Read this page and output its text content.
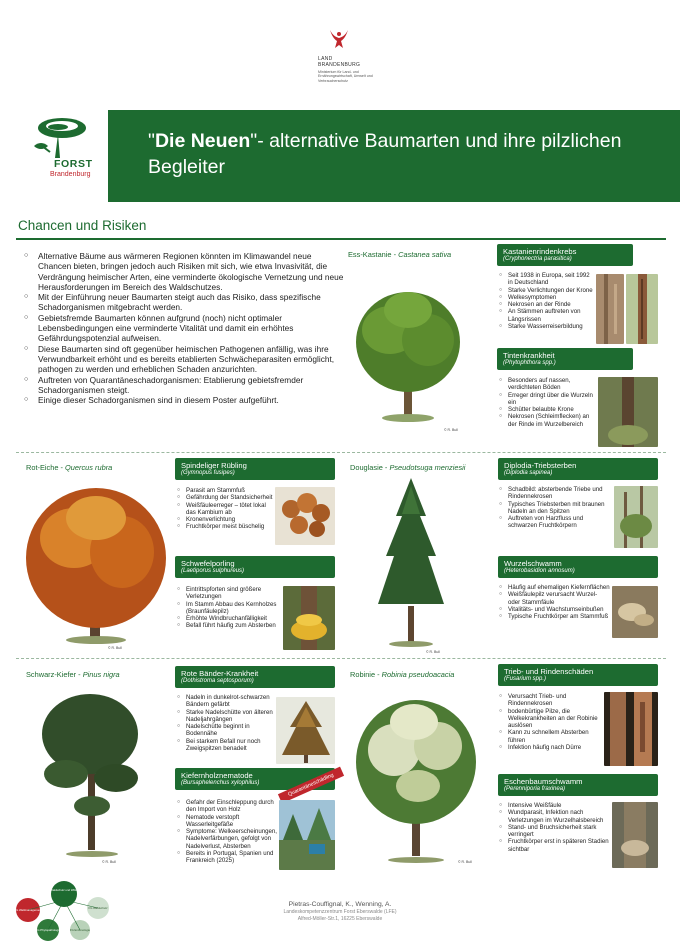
LAND
BRANDENBURG
Ministerium für Land- und Ernährungswirtschaft, Umwelt und Verbraucherschutz
"Die Neuen"- alternative Baumarten und ihre pilzlichen Begleiter
FORST
Brandenburg
Chancen und Risiken
○ Alternative Bäume aus wärmeren Regionen könnten im Klimawandel neue Chancen bieten, bringen jedoch auch Risiken mit sich, wie etwa Invasivität, die Verdrängung heimischer Arten, eine verminderte ökologische Vernetzung und neue Herausforderungen im Bereich des Waldschutzes.
○ Mit der Einführung neuer Baumarten steigt auch das Risiko, dass spezifische Schadorganismen mitgebracht werden.
○ Gebietsfremde Baumarten können aufgrund (noch) nicht optimaler Lebensbedingungen eine verminderte Vitalität und damit ein erhöhtes Gefährdungspotenzial aufweisen.
○ Diese Baumarten sind oft gegenüber heimischen Pathogenen anfällig, was ihre Verwundbarkeit erhöht und es bereits etablierten Schwächeparasiten ermöglicht, pathogen zu werden und erheblichen Schaden anzurichten.
○ Auftreten von Quarantäneschadorganismen: Etablierung gebietsfremder Schadorganismen steigt.
○ Einige dieser Schadorganismen sind in diesem Poster aufgeführt.
Ess-Kastanie - Castanea sativa
© R. Bull
Kastanienrindenkrebs
(Cryphonectria parasitica)
○ Seit 1938 in Europa, seit 1992 in Deutschland
○ Starke Verlichtungen der Krone
○ Welkesymptomen
○ Nekrosen an der Rinde
○ An Stämmen auftreten von Längsrissen
○ Starke Wasserreiserbildung
Tintenkrankheit
(Phytophthora spp.)
○ Besonders auf nassen, verdichteten Böden
○ Erreger dringt über die Wurzeln ein
○ Schütter belaubte Krone
○ Nekrosen (Schleimflecken) an der Rinde im Wurzelbereich
Rot-Eiche - Quercus rubra
© R. Bull
Spindeliger Rübling
(Gymnopus fusipes)
○ Parasit am Stammfuß
○ Gefährdung der Standsicherheit
○ Weißfäuleerreger – tötet lokal das Kambium ab
○ Kronenverlichtung
○ Fruchtkörper meist büschelig
Schwefelporling
(Laetiporus sulphureus)
○ Eintrittspforten sind größere Verletzungen
○ Im Stamm Abbau des Kernholzes (Braunfäulepilz)
○ Erhöhte Windbruchanfälligkeit
○ Befall führt häufig zum Absterben
Douglasie - Pseudotsuga menziesii
© R. Bull
Diplodia-Triebsterben
(Diplodia sapinea)
○ Schadbild: absterbende Triebe und Rindennekrosen
○ Typisches Triebsterben mit braunen Nadeln an den Spitzen
○ Auftreten von Harzfluss und schwarzen Fruchtkörpern
Wurzelschwamm
(Heterobasidion annosum)
○ Häufig auf ehemaligen Kiefernflächen
○ Weißfäulepilz verursacht Wurzel- oder Stammfäule
○ Vitalitäts- und Wachstumseinbußen
○ Typische Fruchtkörper am Stammfuß
Schwarz-Kiefer - Pinus nigra
© R. Bull
Rote Bänder-Krankheit
(Dothistroma septosporum)
○ Nadeln in dunkelrot-schwarzen Bändern gefärbt
○ Starke Nadelschütte von älteren Nadeljahrgängen
○ Nadelschütte beginnt in Bodennähe
○ Bei starkem Befall nur noch Zweigspitzen benadelt
Kiefernholznematode
(Bursaphelenchus xylophilus)	Quarantäneschädling
○ Gefahr der Einschleppung durch den Import von Holz
○ Nematode verstopft Wasserleitgefäße
○ Symptome: Welkeerscheinungen, Nadelverfärbungen, gefolgt von Nadelverlust, Absterben
○ Bereits in Portugal, Spanien und Frankreich (2025)
Robinie - Robinia pseudoacacia
© R. Bull
Trieb- und Rindenschäden
(Fusarium spp.)
○ Verursacht Trieb- und Rindennekrosen
○ bodenbürtige Pilze, die Welkekrankheiten an der Robinie auslösen
○ Kann zu schnellem Absterben führen
○ Infektion häufig nach Dürre
Eschenbaumschwamm
(Perenniporia fraxinea)
○ Intensive Weißfäule
○ Wundparasit, Infektion nach Verletzungen im Wurzelhalsbereich
○ Stand- und Bruchsicherheit stark verringert
○ Fruchtkörper erst in späteren Stadien sichtbar
FB 4.4 Waldschutz und Wildökologie
FG Waldmanagement	FG Waldschutz
FG Phytopathologie	FG Entomologie
Pietras-Couffignal, K., Wenning, A.
Landeskompetenzzentrum Forst Eberswalde (LFE)
Alfred-Möller-Str.1, 16225 Eberswalde
